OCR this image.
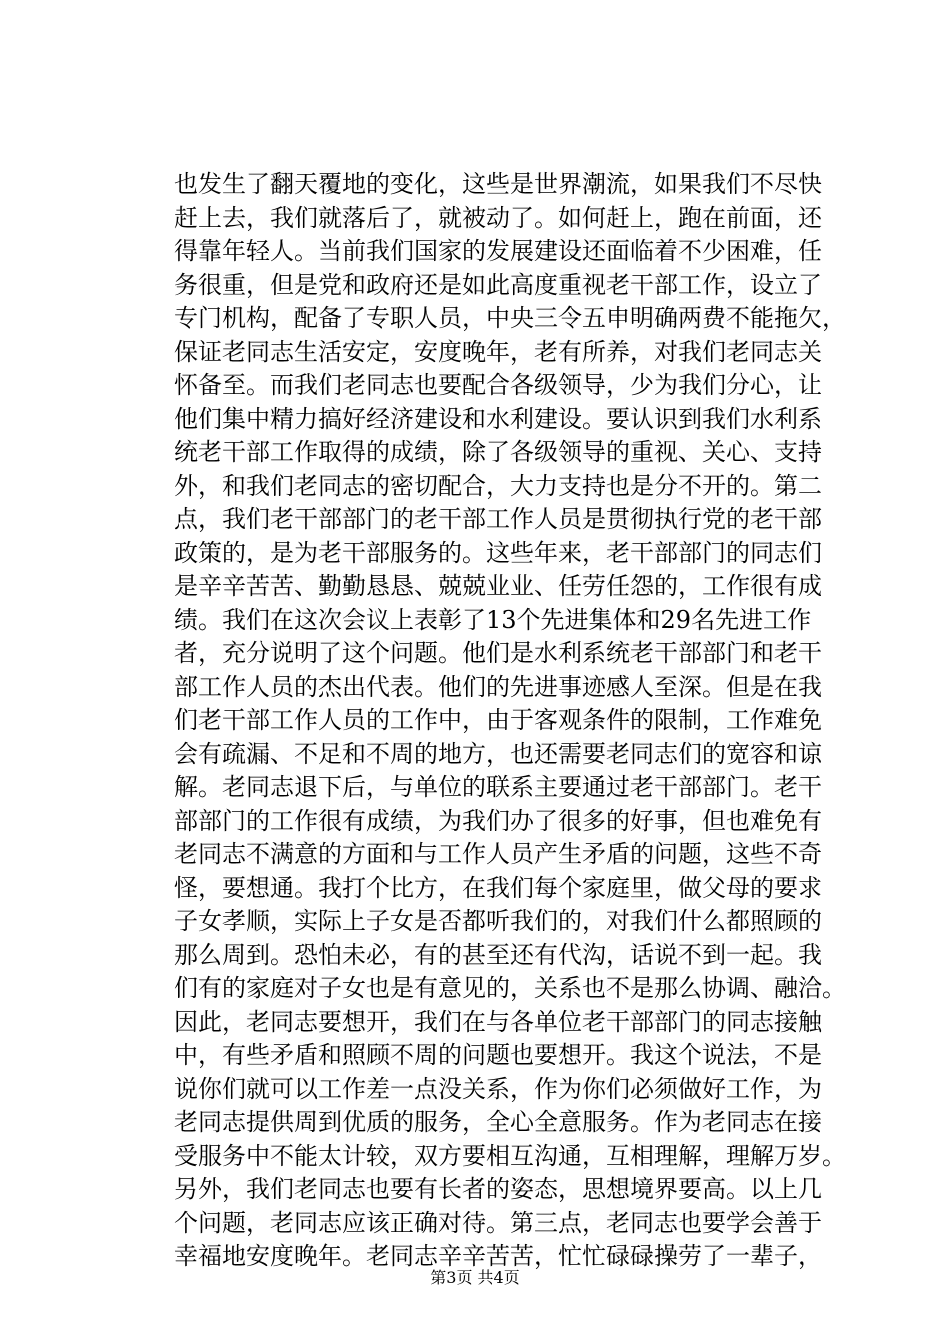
也发生了翻天覆地的变化，这些是世界潮流，如果我们不尽快
赶上去，我们就落后了，就被动了。如何赶上，跑在前面，还
得靠年轻人。当前我们国家的发展建设还面临着不少困难，任
务很重，但是党和政府还是如此高度重视老干部工作，设立了
专门机构，配备了专职人员，中央三令五申明确两费不能拖欠，
保证老同志生活安定，安度晚年，老有所养，对我们老同志关
怀备至。而我们老同志也要配合各级领导，少为我们分心，让
他们集中精力搞好经济建设和水利建设。要认识到我们水利系
统老干部工作取得的成绩，除了各级领导的重视、关心、支持
外，和我们老同志的密切配合，大力支持也是分不开的。第二
点，我们老干部部门的老干部工作人员是贯彻执行党的老干部
政策的，是为老干部服务的。这些年来，老干部部门的同志们
是辛辛苦苦、勤勤恳恳、兢兢业业、任劳任怨的，工作很有成
绩。我们在这次会议上表彰了13个先进集体和29名先进工作
者，充分说明了这个问题。他们是水利系统老干部部门和老干
部工作人员的杰出代表。他们的先进事迹感人至深。但是在我
们老干部工作人员的工作中，由于客观条件的限制，工作难免
会有疏漏、不足和不周的地方，也还需要老同志们的宽容和谅
解。老同志退下后，与单位的联系主要通过老干部部门。老干
部部门的工作很有成绩，为我们办了很多的好事，但也难免有
老同志不满意的方面和与工作人员产生矛盾的问题，这些不奇
怪，要想通。我打个比方，在我们每个家庭里，做父母的要求
子女孝顺，实际上子女是否都听我们的，对我们什么都照顾的
那么周到。恐怕未必，有的甚至还有代沟，话说不到一起。我
们有的家庭对子女也是有意见的，关系也不是那么协调、融洽。
因此，老同志要想开，我们在与各单位老干部部门的同志接触
中，有些矛盾和照顾不周的问题也要想开。我这个说法，不是
说你们就可以工作差一点没关系，作为你们必须做好工作，为
老同志提供周到优质的服务，全心全意服务。作为老同志在接
受服务中不能太计较，双方要相互沟通，互相理解，理解万岁。
另外，我们老同志也要有长者的姿态，思想境界要高。以上几
个问题，老同志应该正确对待。第三点，老同志也要学会善于
幸福地安度晚年。老同志辛辛苦苦，忙忙碌碌操劳了一辈子，
第3页 共4页
